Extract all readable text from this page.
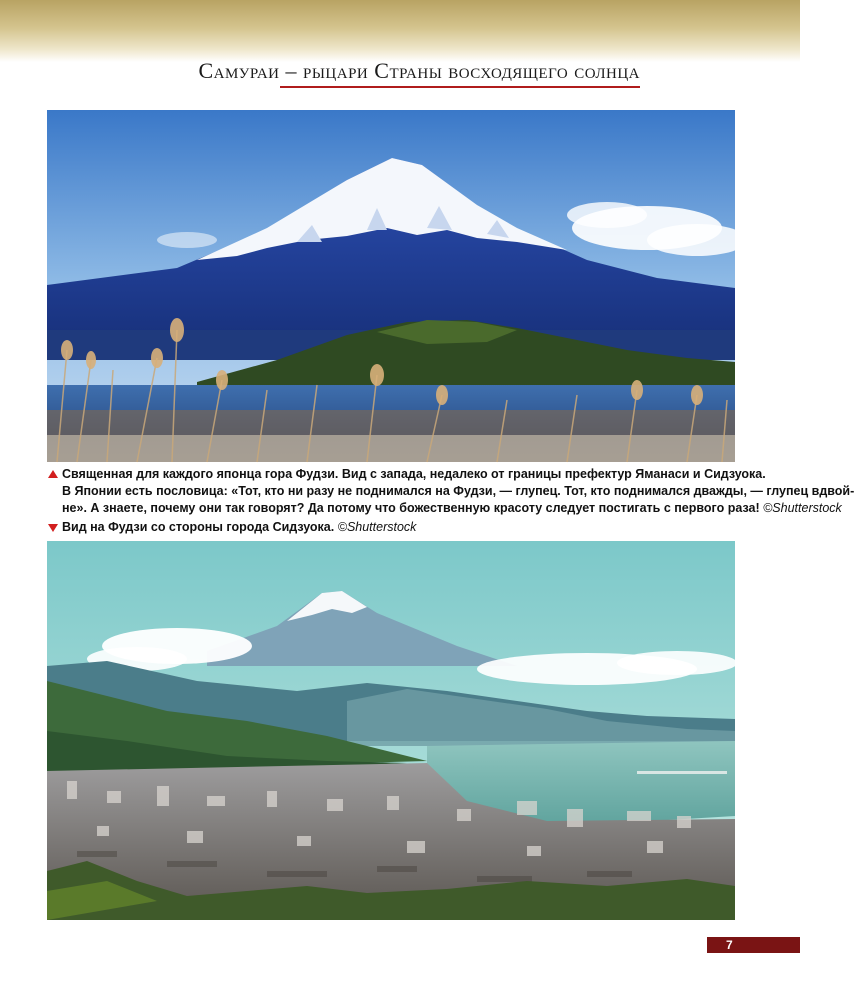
Самураи – рыцари Страны восходящего солнца
Священная для каждого японца гора Фудзи. Вид с запада, недалеко от границы префектур Яманаси и Сидзуока.
В Японии есть пословица: «Тот, кто ни разу не поднимался на Фудзи, — глупец. Тот, кто поднимался дважды, — глупец вдвой-
не». А знаете, почему они так говорят? Да потому что божественную красоту следует постигать с первого раза! ©Shutterstock
Вид на Фудзи со стороны города Сидзуока. ©Shutterstock
7
